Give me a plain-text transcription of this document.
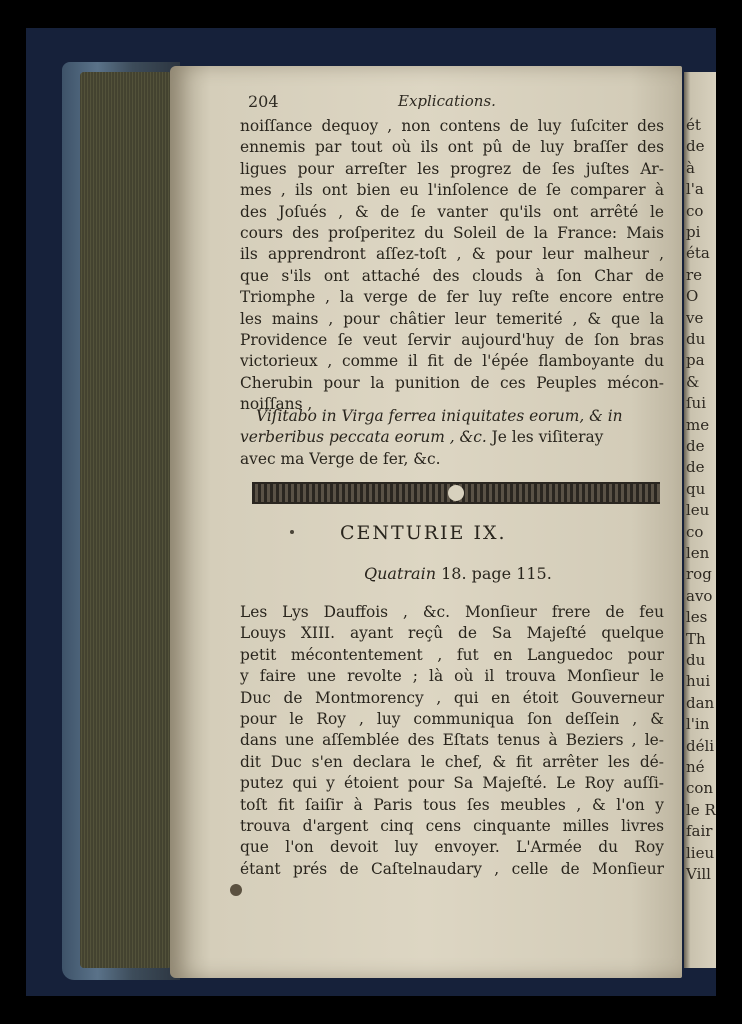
ét
de
à
l'a
co
pi
éta
re
O
ve
du
pa
&
ſui
me
de
de
qu
leu
co
len
rog
avo
les
Th
du
hui
dan
l'in
déli
né
con
le R
fair
lieu
Vill
204	Explications.
noiſſance dequoy , non contens de luy ſuſciter des
ennemis par tout où ils ont pû de luy braſſer des
ligues pour arreſter les progrez de ſes juſtes Ar-
mes , ils ont bien eu l'inſolence de ſe comparer à
des Joſués , & de ſe vanter qu'ils ont arrêté le
cours des proſperitez du Soleil de la France: Mais
ils apprendront aſſez-toſt , & pour leur malheur ,
que s'ils ont attaché des clouds à ſon Char de
Triomphe , la verge de fer luy reſte encore entre
les mains , pour châtier leur temerité , & que la
Providence ſe veut ſervir aujourd'huy de ſon bras
victorieux , comme il fit de l'épée flamboyante du
Cherubin pour la punition de ces Peuples mécon-
noiſſans ,
Viſitabo in Virga ferrea iniquitates eorum, & in
verberibus peccata eorum , &c. Je les viſiteray
avec ma Verge de fer, &c.
CENTURIE IX.
Quatrain 18. page 115.
Les Lys Dauffois , &c. Monſieur frere de feu
Louys XIII. ayant reçû de Sa Majeſté quelque
petit mécontentement , fut en Languedoc pour
y faire une revolte ; là où il trouva Monſieur le
Duc de Montmorency , qui en étoit Gouverneur
pour le Roy , luy communiqua ſon deſſein , &
dans une aſſemblée des Eſtats tenus à Beziers , le-
dit Duc s'en declara le chef, & fit arrêter les dé-
putez qui y étoient pour Sa Majeſté. Le Roy auſſi-
toſt fit ſaiſir à Paris tous ſes meubles , & l'on y
trouva d'argent cinq cens cinquante milles livres
que l'on devoit luy envoyer. L'Armée du Roy
étant prés de Caſtelnaudary , celle de Monſieur
